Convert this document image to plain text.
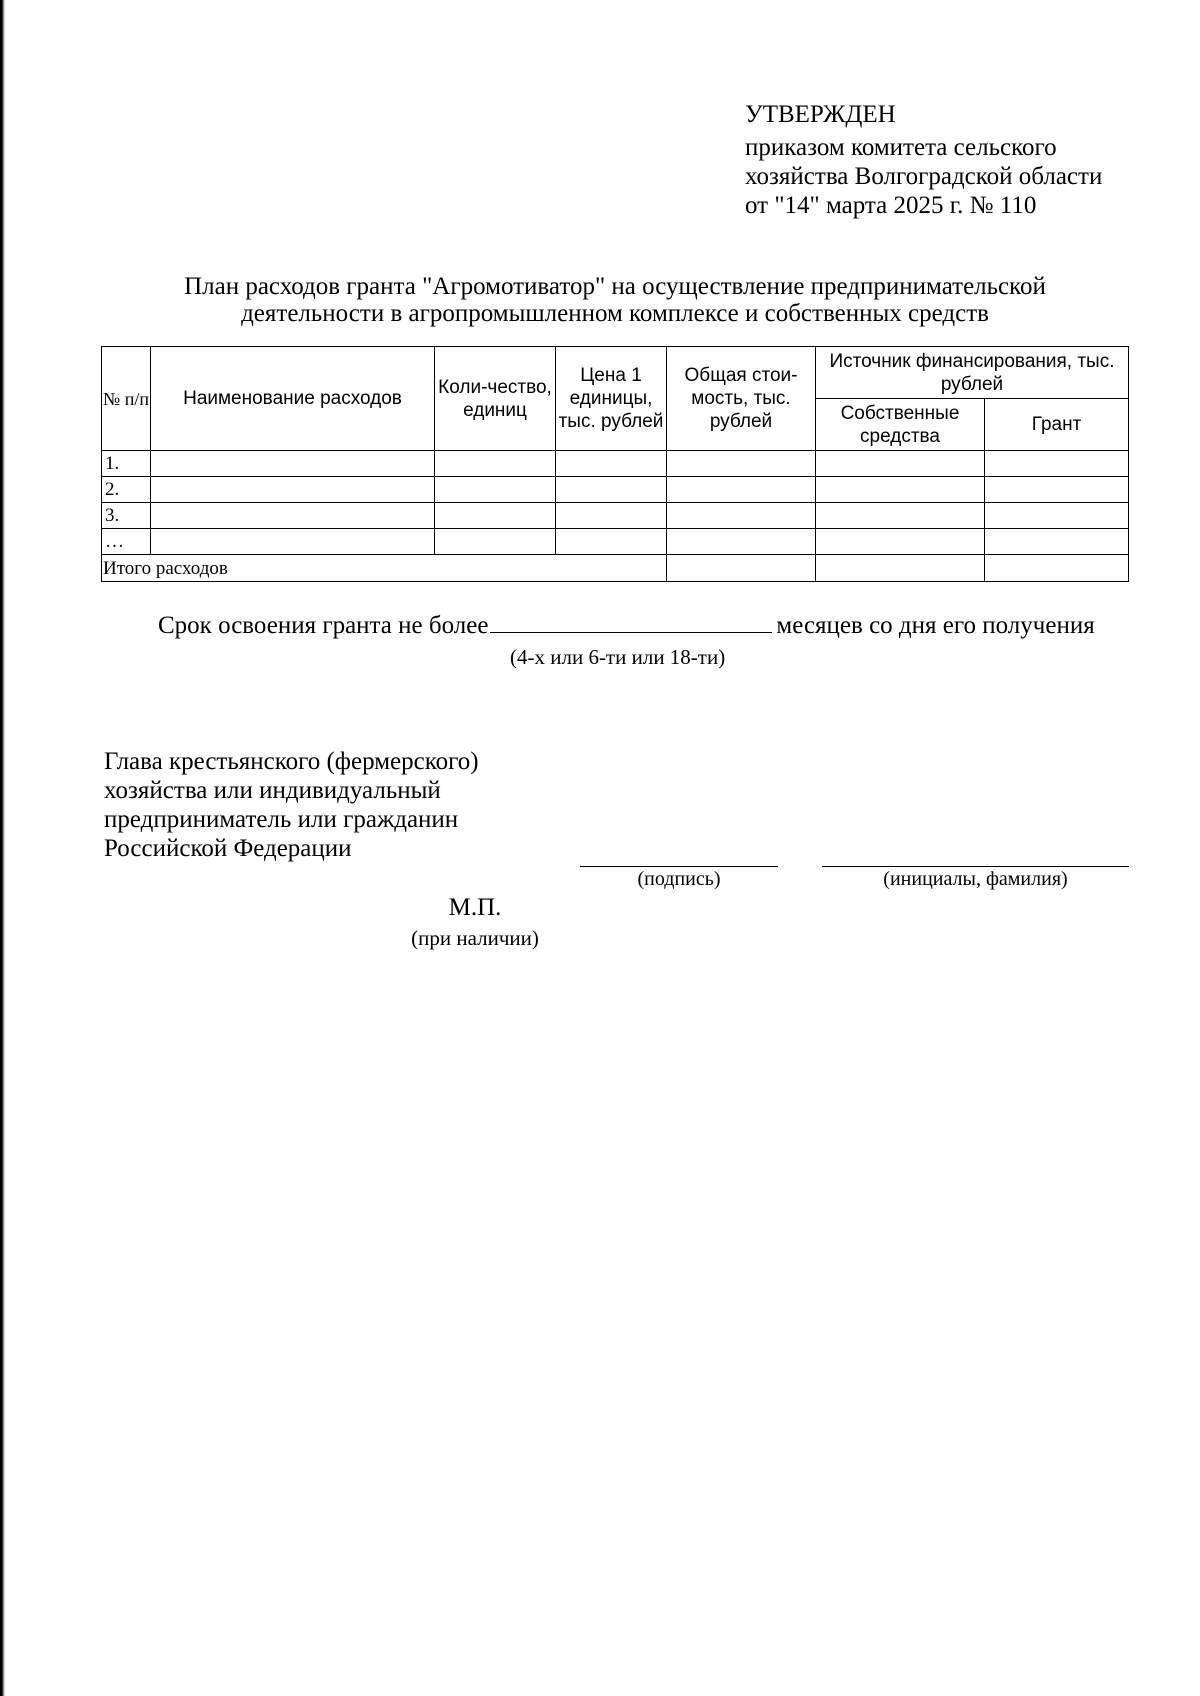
УТВЕРЖДЕН
приказом комитета сельского
хозяйства Волгоградской области
от "14" марта 2025 г. № 110
План расходов гранта "Агромотиватор" на осуществление предпринимательской
деятельности в агропромышленном комплексе и собственных средств
№ п/п	Наименование расходов	Коли-чество, единиц	Цена 1 единицы, тыс. рублей	Общая стои-мость, тыс. рублей	Источник финансирования, тыс. рублей	
					Собственные средства	Грант
1.						
2.						
3.						
…						
Итого расходов						
Срок освоения гранта не более	месяцев со дня его получения
(4-х или 6-ти или 18-ти)
Глава крестьянского (фермерского)
хозяйства или индивидуальный
предприниматель или гражданин
Российской Федерации
(подпись)	(инициалы, фамилия)
М.П.
(при наличии)
